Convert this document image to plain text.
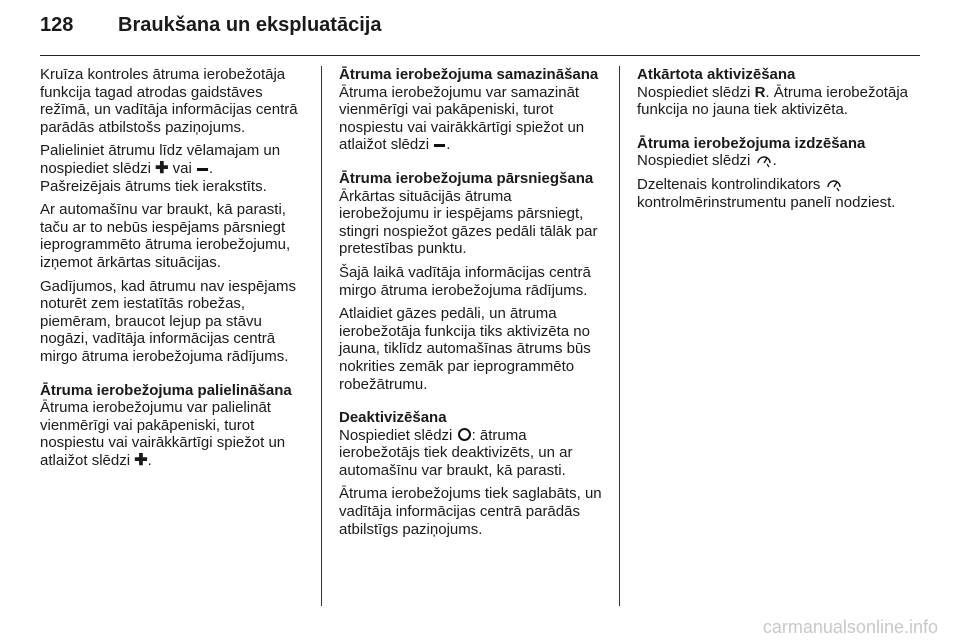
128 Braukšana un ekspluatācija

Kruīza kontroles ātruma ierobežotāja funkcija tagad atrodas gaidstāves režīmā, un vadītāja informācijas centrā parādās atbilstošs paziņojums.

Palieliniet ātrumu līdz vēlamajam un nospiediet slēdzi ✚ vai .
Pašreizējais ātrums tiek ierakstīts.

Ar automašīnu var braukt, kā parasti, taču ar to nebūs iespējams pārsniegt ieprogrammēto ātruma ierobežojumu, izņemot ārkārtas situācijas.

Gadījumos, kad ātrumu nav iespējams noturēt zem iestatītās robežas, piemēram, braucot lejup pa stāvu nogāzi, vadītāja informācijas centrā mirgo ātruma ierobežojuma rādījums.

Ātruma ierobežojuma palielināšana

Ātruma ierobežojumu var palielināt vienmērīgi vai pakāpeniski, turot nospiestu vai vairākkārtīgi spiežot un atlaižot slēdzi ✚.

Ātruma ierobežojuma samazināšana

Ātruma ierobežojumu var samazināt vienmērīgi vai pakāpeniski, turot nospiestu vai vairākkārtīgi spiežot un atlaižot slēdzi .

Ātruma ierobežojuma pārsniegšana

Ārkārtas situācijās ātruma ierobežojumu ir iespējams pārsniegt, stingri nospiežot gāzes pedāli tālāk par pretestības punktu.

Šajā laikā vadītāja informācijas centrā mirgo ātruma ierobežojuma rādījums.

Atlaidiet gāzes pedāli, un ātruma ierobežotāja funkcija tiks aktivizēta no jauna, tiklīdz automašīnas ātrums būs nokrities zemāk par ieprogrammēto robežātrumu.

Deaktivizēšana

Nospiediet slēdzi : ātruma ierobežotājs tiek deaktivizēts, un ar automašīnu var braukt, kā parasti.

Ātruma ierobežojums tiek saglabāts, un vadītāja informācijas centrā parādās atbilstīgs paziņojums.

Atkārtota aktivizēšana

Nospiediet slēdzi R. Ātruma ierobežotāja funkcija no jauna tiek aktivizēta.

Ātruma ierobežojuma izdzēšana

Nospiediet slēdzi .

Dzeltenais kontrolindikators  kontrolmērinstrumentu panelī nodziest.

carmanualsonline.info
